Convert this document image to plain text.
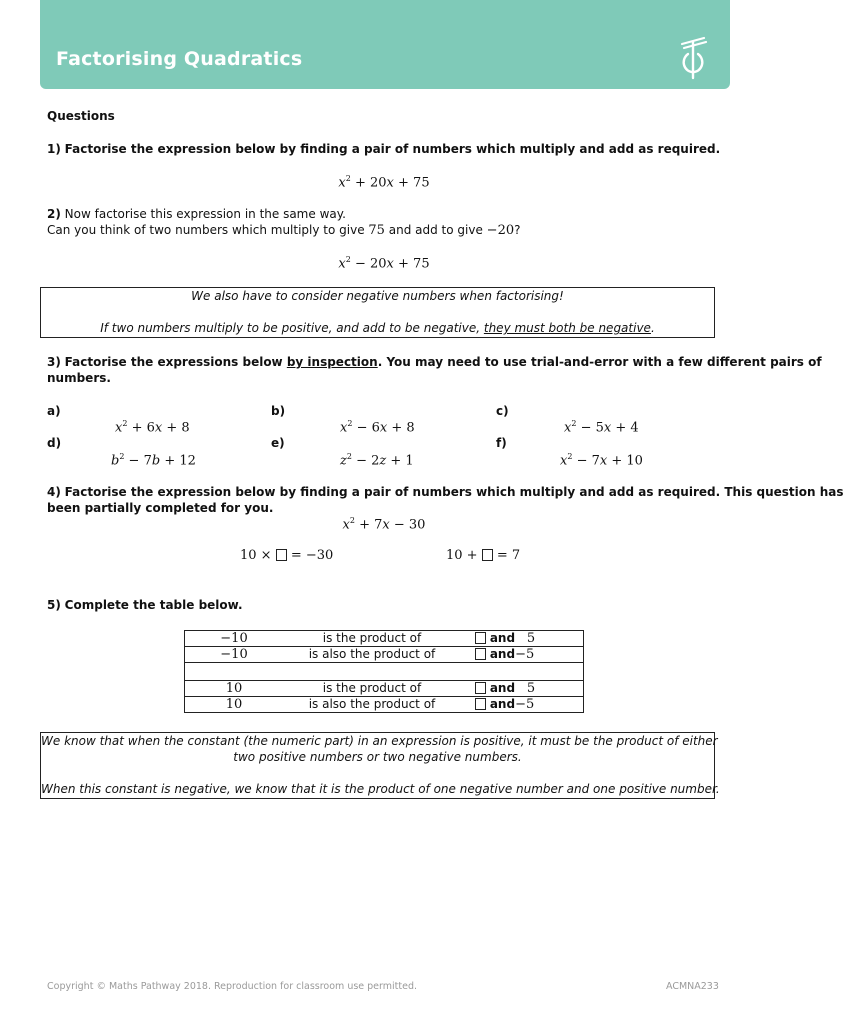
Factorising Quadratics
Questions
1) Factorise the expression below by finding a pair of numbers which multiply and add as required.
$x^2 + 20x + 75$
2) Now factorise this expression in the same way.
Can you think of two numbers which multiply to give 75 and add to give −20?
$x^2 - 20x + 75$
We also have to consider negative numbers when factorising!
If two numbers multiply to be positive, and add to be negative, they must both be negative.
3) Factorise the expressions below by inspection. You may need to use trial-and-error with a few different pairs of
numbers.
a)	b)	c)
$x^2 + 6x + 8$	$x^2 - 6x + 8$	$x^2 - 5x + 4$
d)	e)	f)
$b^2 - 7b + 12$	$z^2 - 2z + 1$	$x^2 - 7x + 10$
4) Factorise the expression below by finding a pair of numbers which multiply and add as required. This question has
been partially completed for you.
$x^2 + 7x - 30$
10 ×  = −30	10 +  = 7
5) Complete the table below.
−10	is the product of	and 5
−10	is also the product of	and−5

10	is the product of	and 5
10	is also the product of	and−5
We know that when the constant (the numeric part) in an expression is positive, it must be the product of either
two positive numbers or two negative numbers.
When this constant is negative, we know that it is the product of one negative number and one positive number.
Copyright © Maths Pathway 2018. Reproduction for classroom use permitted.	ACMNA233
